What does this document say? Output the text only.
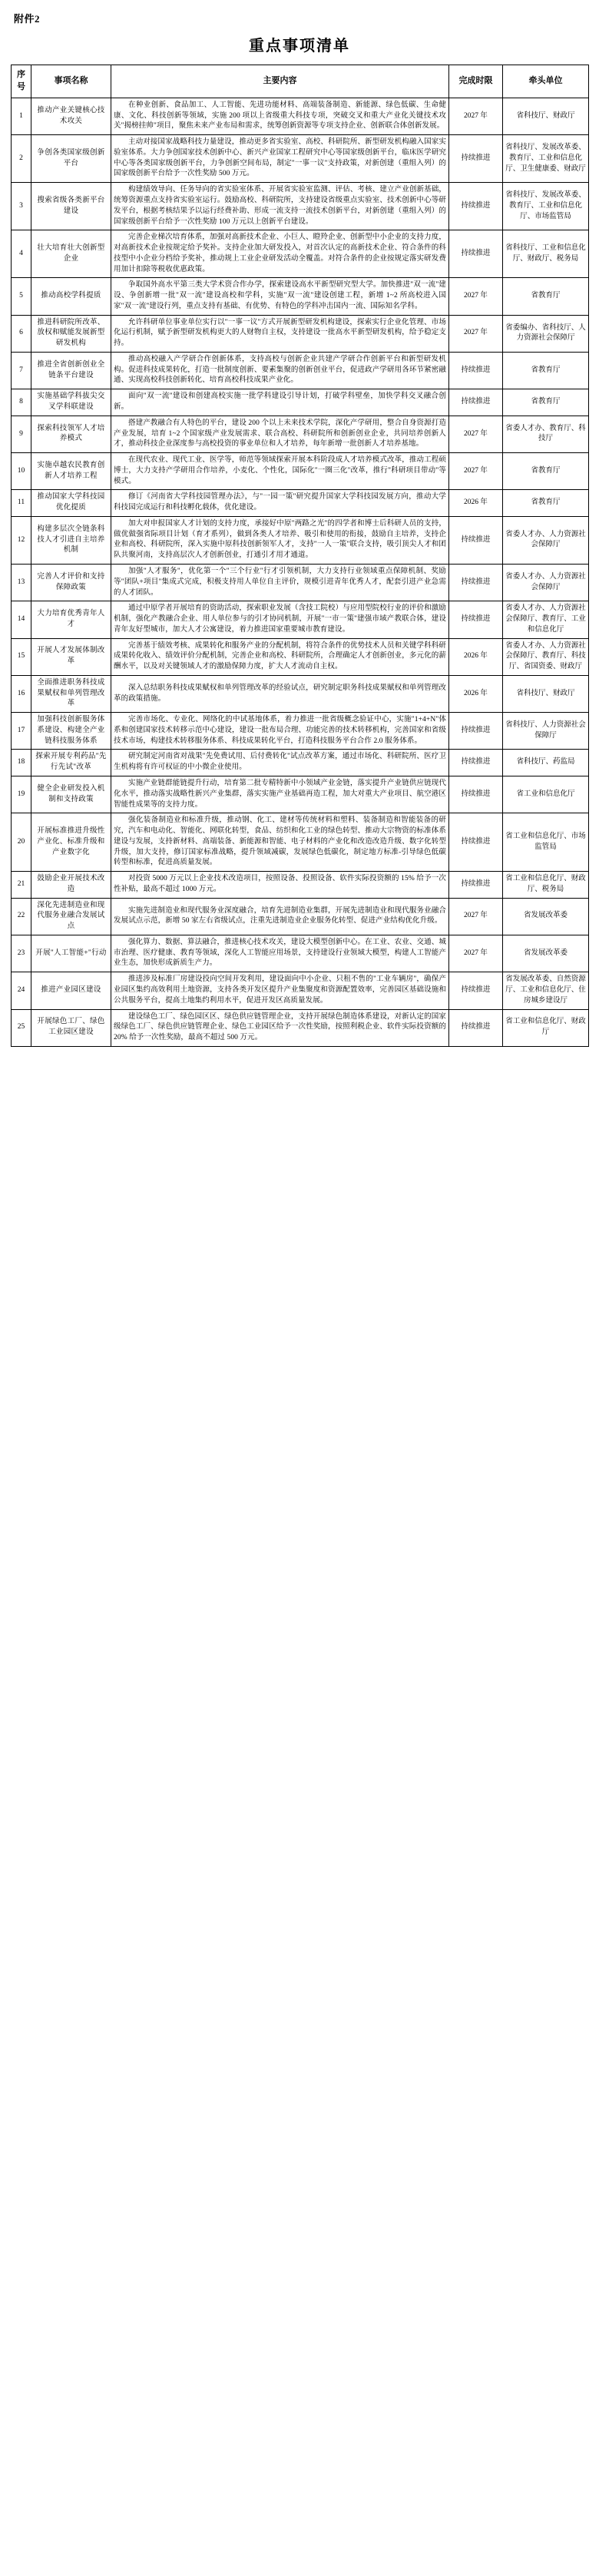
附件2
重点事项清单
序号	事项名称	主要内容	完成时限	牵头单位
1	推动产业关键核心技术攻关	在种业创新、食品加工、人工智能、先进功能材料、高端装备制造、新能源、绿色低碳、生命健康、文化、科技创新等领域，实施 200 项以上省级重大科技专项，突破交叉和重大产业化关键技术攻关"揭榜挂帅"项目，聚焦未来产业布局和需求，统筹创新资源等专项支持企业、创新联合体创新发展。	2027 年	省科技厅、财政厅
2	争创各类国家级创新平台	主动对接国家战略科技力量建设，推动更多省实验室、高校、科研院所、新型研发机构融入国家实验室体系。大力争创国家技术创新中心、新兴产业国家工程研究中心等国家级创新平台，临床医学研究中心等各类国家级创新平台，力争创新空间布局，制定"一事一议"支持政策，对新创建（重组入列）的国家级创新平台给予一次性奖励 500 万元。	持续推进	省科技厅、发展改革委、教育厅、工业和信息化厅、卫生健康委、财政厅
3	搜索省级各类新平台建设	构建绩效导向、任务导向的省实验室体系、开展省实验室监测、评估、考核、建立产业创新基础，统筹资源重点支持省实验室运行。鼓励高校、科研院所，支持建设省级重点实验室、技术创新中心等研发平台，根据考核结果予以运行经费补助、形成一流支持一流技术创新平台，对新创建（重组入列）的国家级创新平台给予一次性奖励 100 万元以上创新平台建设。	持续推进	省科技厅、发展改革委、教育厅、工业和信息化厅、市场监管局
4	壮大培育壮大创新型企业	完善企业梯次培育体系，加强对高新技术企业、小巨人、瞪羚企业、创新型中小企业的支持力度，对高新技术企业按规定给予奖补。支持企业加大研发投入，对首次认定的高新技术企业、符合条件的科技型中小企业分档给予奖补，推动规上工业企业研发活动全覆盖。对符合条件的企业按规定落实研发费用加计扣除等税收优惠政策。	持续推进	省科技厅、工业和信息化厅、财政厅、税务局
5	推动高校学科提质	争取国外高水平第三类大学术资合作办学，探索建设高水平新型研究型大学。加快推进"双一流"建设、争创新增一批"双一流"建设高校和学科，实施"双一流"建设创建工程，新增 1~2 所高校进入国家"双一流"建设行列，重点支持有基础、有优势、有特色的学科冲击国内一流、国际知名学科。	2027 年	省教育厅
6	推进科研院所改革、放权和赋能发展新型研发机构	允许科研单位事业单位实行以"一事一议"方式开展新型研发机构建设，探索实行企业化管理、市场化运行机制，赋予新型研发机构更大的人财物自主权，支持建设一批高水平新型研发机构，给予稳定支持。	2027 年	省委编办、省科技厅、人力资源社会保障厅
7	推进全省创新创业全链条平台建设	推动高校融入产学研合作创新体系，支持高校与创新企业共建产学研合作创新平台和新型研发机构。促进科技成果转化，打造一批制度创新、要素集聚的创新创业平台，促进政产学研用各环节紧密融通、实现高校科技创新转化、培育高校科技成果产业化。	持续推进	省教育厅
8	实施基础学科拔尖交叉学科联建设	面向"双一流"建设和创建高校实施一批学科建设引导计划，打破学科壁垒，加快学科交叉融合创新。	持续推进	省教育厅
9	探索科技领军人才培养模式	搭建产教融合有人特色的平台，建设 200 个以上未来技术学院，深化产学研用，整合自身资源打造产业发展，培育 1~2 个国家级产业发展需求、联合高校、科研院所和创新创业企业，共同培养创新人才，推动科技企业深度参与高校投资的事业单位和人才培养，每年新增一批创新人才培养基地。	2027 年	省委人才办、教育厅、科技厅
10	实施卓越农民教育创新人才培养工程	在现代农业、现代工业、医学等，师范等领域探索开展本科阶段成人才培养模式改革，推动工程硕博士，大力支持产学研用合作培养，小麦化、个性化，国际化"一圈三化"改革，推行"科研项目带动"等模式。	2027 年	省教育厅
11	推动国家大学科技园优化提质	修订《河南省大学科技园管理办法》，与"一园一策"研究提升国家大学科技园发展方向，推动大学科技园完成运行和科技孵化载体，优化建设。	2026 年	省教育厅
12	构建多层次全链条科技人才引进自主培养机制	加大对申报国家人才计划的支持力度，承接好中原"两路之光"的四学者和博士后科研人员的支持，做优做强省际项目计划（育才系列），做到各类人才培养、吸引和使用的衔接，鼓励自主培养，支持企业和高校、科研院所，深入实施中原科技创新领军人才，支持"一人一策"联合支持，吸引顶尖人才和团队共聚河南，支持高层次人才创新创业，打通引才用才通道。	持续推进	省委人才办、人力资源社会保障厅
13	完善人才评价和支持保障政策	加强"人才服务"，优化第一个"三个行业"行才引领机制，大力支持行业领域重点保障机制、奖励等"团队+项目"集成式完成，积极支持用人单位自主评价，规模引进青年优秀人才，配套引进产业急需的人才团队。	持续推进	省委人才办、人力资源社会保障厅
14	大力培育优秀青年人才	通过中原学者开展培育的资助活动，探索职业发展（含技工院校）与应用型院校行业的评价和激励机制，强化产教融合企业、用人单位参与的引才协同机制，开展"一市一策"建强市域产教联合体，建设青年友好型城市，加大人才公寓建设，着力推进国家重要城市教育建设。	持续推进	省委人才办、人力资源社会保障厅、教育厅、工业和信息化厅
15	开展人才发展体制改革	完善基于绩效考核、成果转化和服务产业的分配机制，将符合条件的优势技术人员和关键学科科研成果转化收入、绩效评价分配机制，完善企业和高校、科研院所，合理确定人才创新创业，多元化的薪酬水平，以及对关键领域人才的激励保障力度，扩大人才流动自主权。	2026 年	省委人才办、人力资源社会保障厅、教育厅、科技厅、省国资委、财政厅
16	全面推进职务科技成果赋权和单列管理改革	深入总结职务科技成果赋权和单列管理改革的经验试点，研究制定职务科技成果赋权和单列管理改革的政策措施。	2026 年	省科技厅、财政厅
17	加强科技创新服务体系建设、构建全产业链科技服务体系	完善市场化、专业化、网络化的中试基地体系，着力推进一批省级概念验证中心，实施"1+4+N"体系和创建国家技术转移示范中心建设，建设一批布局合理、功能完善的技术转移机构，完善国家和省级技术市场，构建技术转移服务体系、科技成果转化平台，打造科技服务平台合作 2.0 服务体系。	持续推进	省科技厅、人力资源社会保障厅
18	探索开展专利药品"先行先试"改革	研究制定河南省对战果"先免费试用、后付费转化"试点改革方案，通过市场化、科研院所、医疗卫生机构将有许可权证的中小微企业使用。	持续推进	省科技厅、药监局
19	健全企业研发投入机制和支持政策	实施产业链群能链提升行动，培育第二批专精特新中小领域产业金链，落实提升产业链供应链现代化水平，推动落实战略性新兴产业集群，落实实施产业基础再造工程，加大对重大产业项目、航空港区智能性成果等的支持力度。	持续推进	省工业和信息化厅
20	开展标准推进升级性产业化、标准升级和产业数字化	强化装备制造业和标准升级，推动钢、化工、建材等传统材料和塑料、装备制造和智能装备的研究，汽车和电动化、智能化、网联化转型，食品、纺织和化工业的绿色转型、推动大宗物资的标准体系建设与发展，支持新材料、高端装备、新能源和智能、电子材料的产业化和改造改造升级、数字化转型升级，加大支持，修订国家标准战略，提升领域减碳，发展绿色低碳化，制定地方标准-引导绿色低碳转型和标准，促进高质量发展。	持续推进	省工业和信息化厅、市场监管局
21	鼓励企业开展技术改造	对投资 5000 万元以上企业技术改造项目，按照设备、投照设备、软件实际投资额的 15% 给予一次性补贴，最高不超过 1000 万元。	持续推进	省工业和信息化厅、财政厅、税务局
22	深化先进制造业和现代服务业融合发展试点	实施先进制造业和现代服务业深度融合，培育先进制造业集群，开展先进制造业和现代服务业融合发展试点示范，新增 50 家左右省级试点，注重先进制造业企业服务化转型、促进产业结构优化升级。	2027 年	省发展改革委
23	开展"人工智能+"行动	强化算力、数据、算法融合，推进核心技术攻关，建设大模型创新中心。在工业、农业、交通、城市治理、医疗健康、教育等领域，深化人工智能应用场景，支持建设行业领域大模型，构建人工智能产业生态，加快形成新质生产力。	2027 年	省发展改革委
24	推进产业园区建设	推进涉及标准厂房建设投向空间开发利用，建设面向中小企业、只租不售的"工业车辆房"，确保产业园区集约高效利用土地资源，支持各类开发区提升产业集聚度和资源配置效率，完善园区基础设施和公共服务平台，提高土地集约利用水平，促进开发区高质量发展。	持续推进	省发展改革委、自然资源厅、工业和信息化厅、住房城乡建设厅
25	开展绿色工厂、绿色工业园区建设	建设绿色工厂、绿色园区区、绿色供应链管理企业，支持开展绿色制造体系建设，对新认定的国家级绿色工厂、绿色供应链管理企业、绿色工业园区给予一次性奖励，按照利税企业、软件实际投资额的 20% 给予一次性奖励，最高不超过 500 万元。	持续推进	省工业和信息化厅、财政厅
